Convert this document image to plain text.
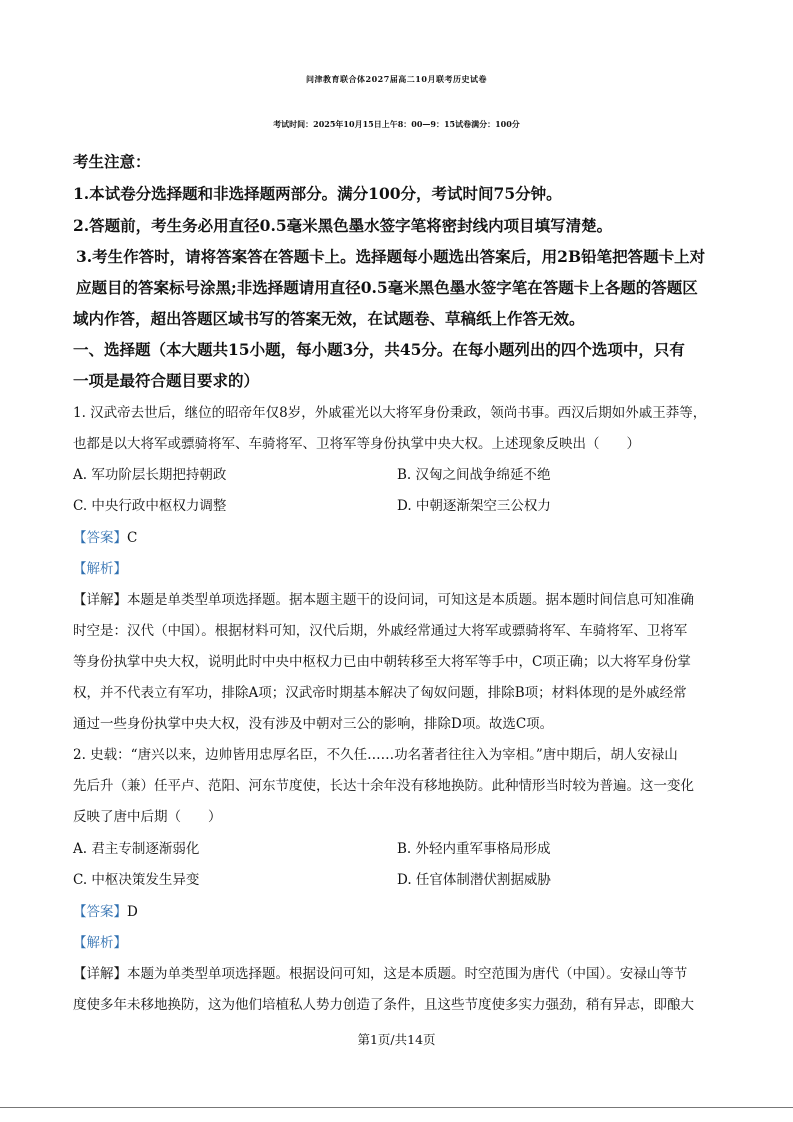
问津教育联合体2027届高二10月联考历史试卷
考试时间：2025年10月15日上午8：00—9：15试卷满分：100分
考生注意：
1.本试卷分选择题和非选择题两部分。满分100分，考试时间75分钟。
2.答题前，考生务必用直径0.5毫米黑色墨水签字笔将密封线内项目填写清楚。
3.考生作答时，请将答案答在答题卡上。选择题每小题选出答案后，用2B铅笔把答题卡上对
应题目的答案标号涂黑;非选择题请用直径0.5毫米黑色墨水签字笔在答题卡上各题的答题区
域内作答，超出答题区域书写的答案无效，在试题卷、草稿纸上作答无效。
一、选择题（本大题共15小题，每小题3分，共45分。在每小题列出的四个选项中，只有
一项是最符合题目要求的）
1. 汉武帝去世后，继位的昭帝年仅8岁，外戚霍光以大将军身份秉政，领尚书事。西汉后期如外戚王莽等，
也都是以大将军或骠骑将军、车骑将军、卫将军等身份执掌中央大权。上述现象反映出（　　）
A. 军功阶层长期把持朝政	B. 汉匈之间战争绵延不绝
C. 中央行政中枢权力调整	D. 中朝逐渐架空三公权力
【答案】C
【解析】
【详解】本题是单类型单项选择题。据本题主题干的设问词，可知这是本质题。据本题时间信息可知准确
时空是：汉代（中国）。根据材料可知，汉代后期，外戚经常通过大将军或骠骑将军、车骑将军、卫将军
等身份执掌中央大权，说明此时中央中枢权力已由中朝转移至大将军等手中，C项正确；以大将军身份掌
权，并不代表立有军功，排除A项；汉武帝时期基本解决了匈奴问题，排除B项；材料体现的是外戚经常
通过一些身份执掌中央大权，没有涉及中朝对三公的影响，排除D项。故选C项。
2. 史载：“唐兴以来，边帅皆用忠厚名臣，不久任……功名著者往往入为宰相。”唐中期后，胡人安禄山
先后升（兼）任平卢、范阳、河东节度使，长达十余年没有移地换防。此种情形当时较为普遍。这一变化
反映了唐中后期（　　）
A. 君主专制逐渐弱化	B. 外轻内重军事格局形成
C. 中枢决策发生异变	D. 任官体制潜伏割据威胁
【答案】D
【解析】
【详解】本题为单类型单项选择题。根据设问可知，这是本质题。时空范围为唐代（中国）。安禄山等节
度使多年未移地换防，这为他们培植私人势力创造了条件，且这些节度使多实力强劲，稍有异志，即酿大
第1页/共14页
